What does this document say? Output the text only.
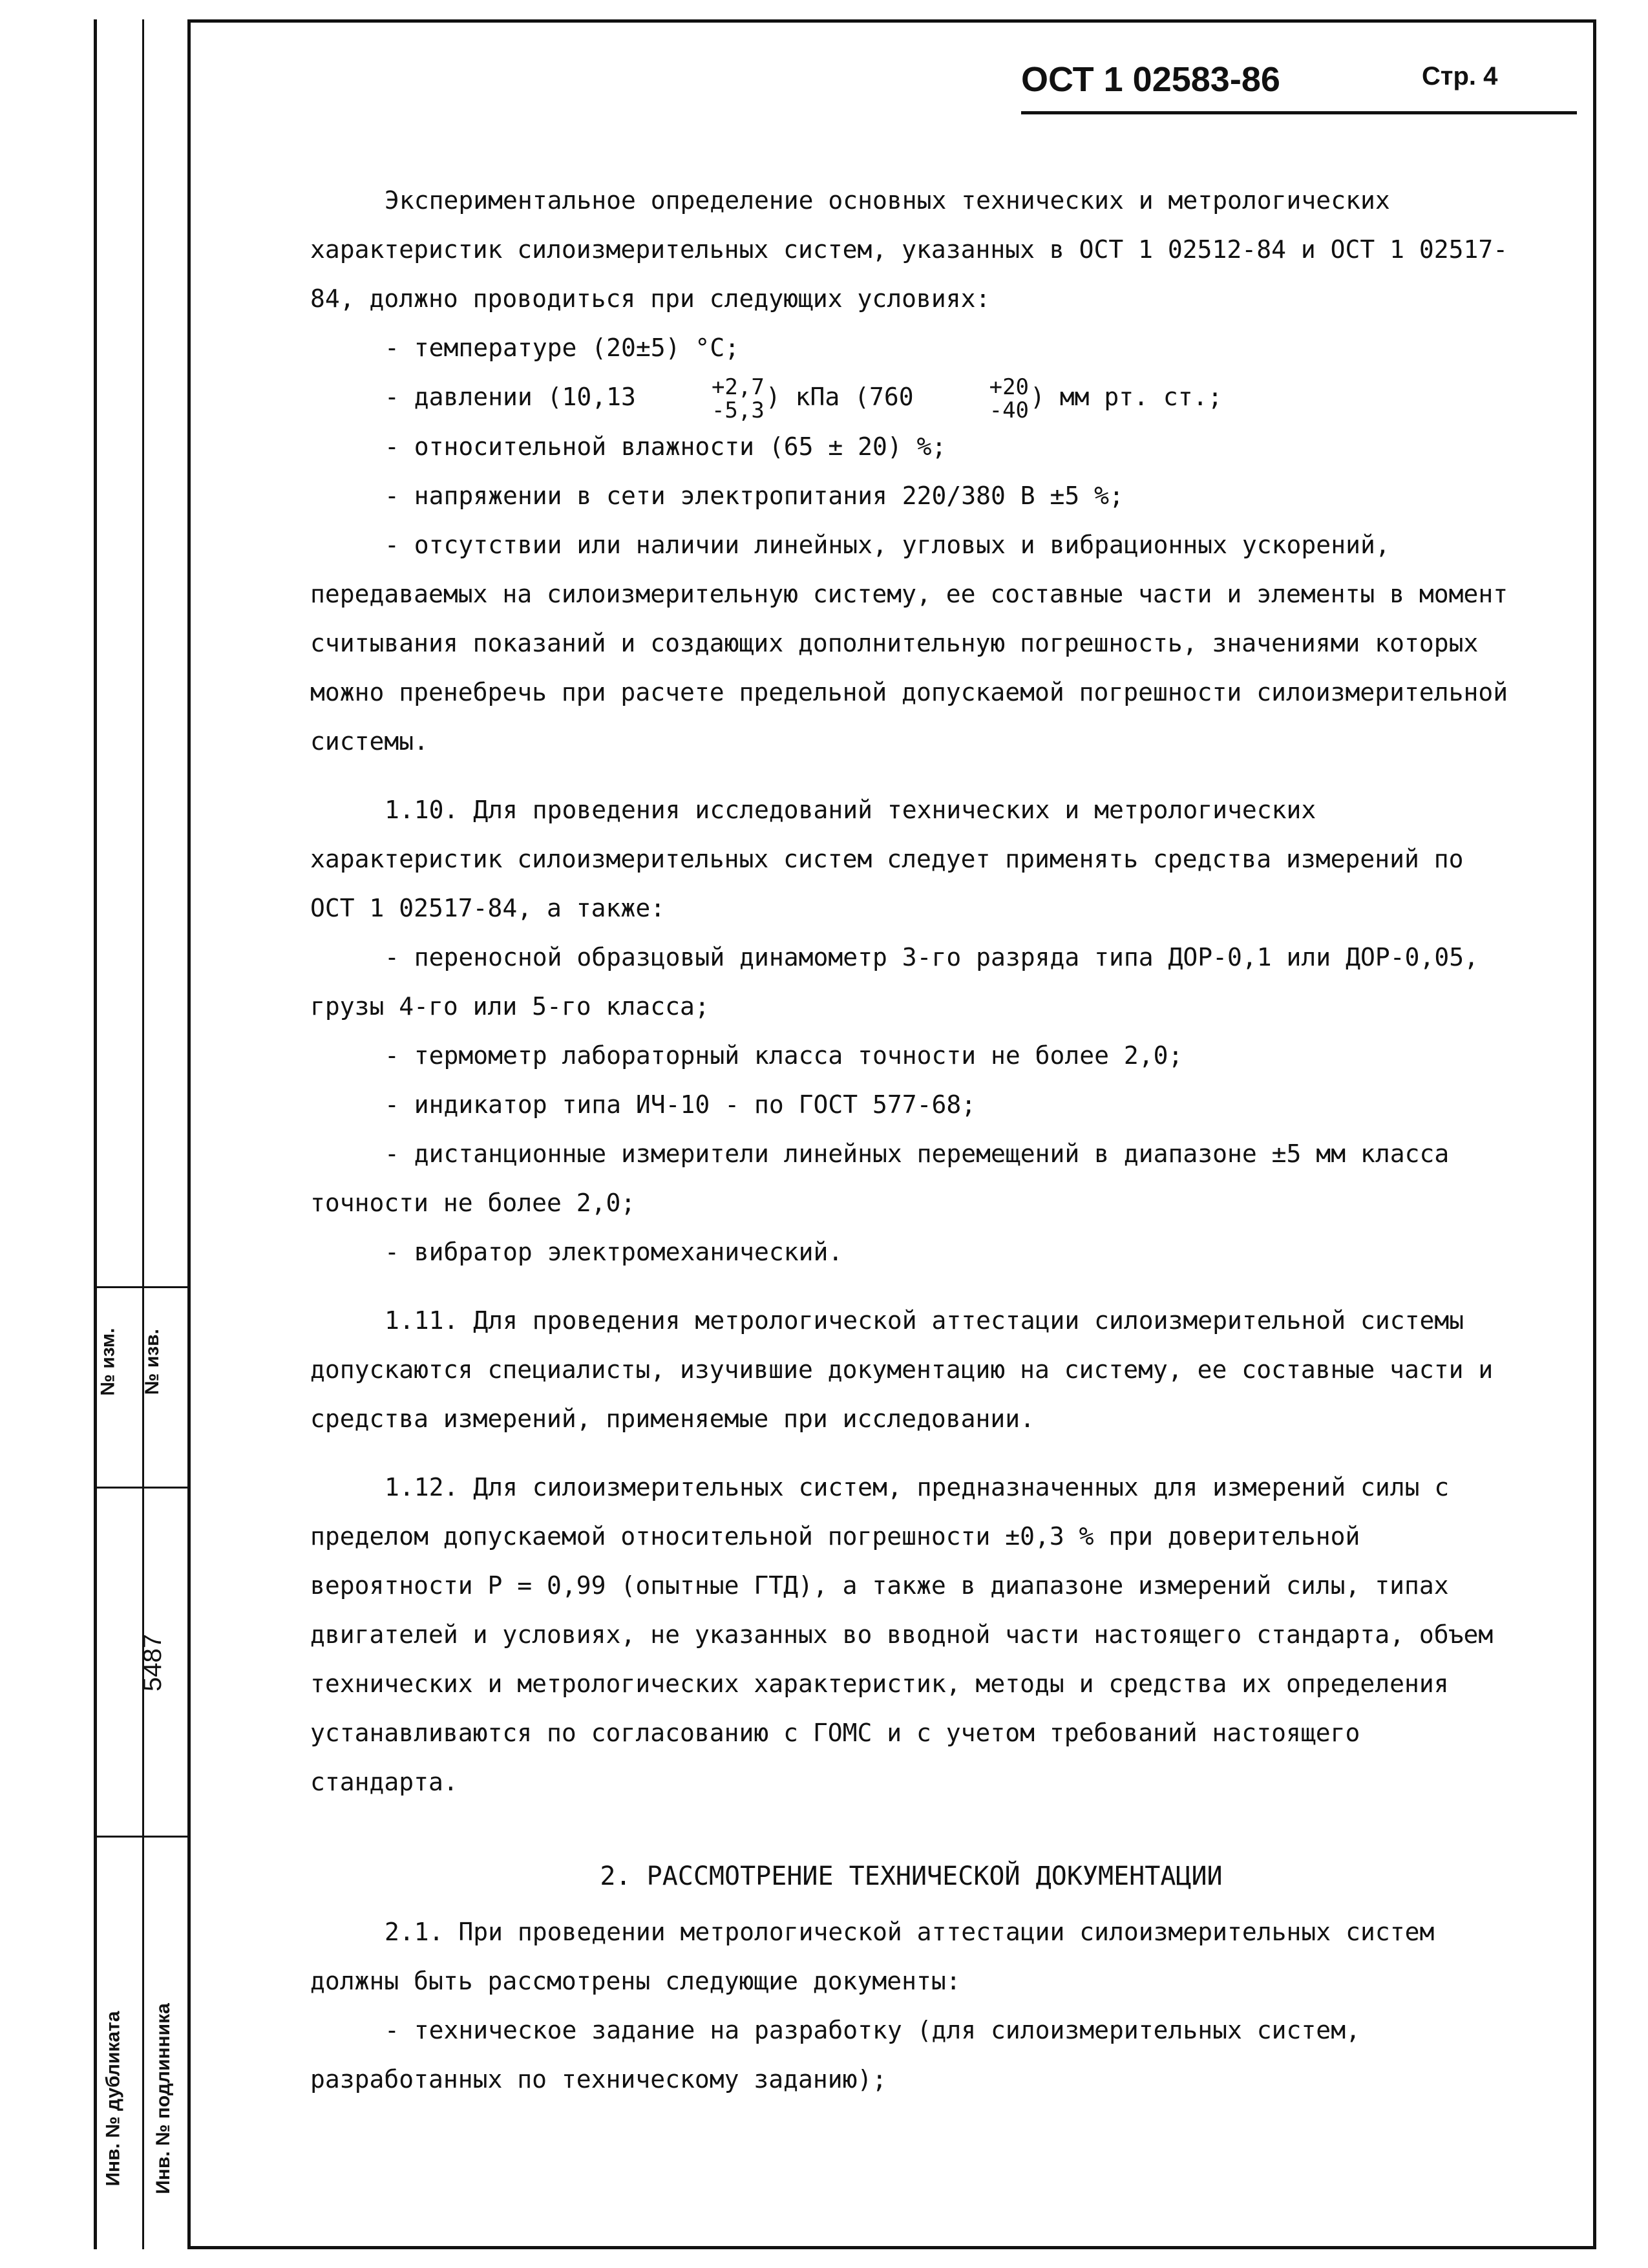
№ изм. № изв.
5487
Инв. № дубликата Инв. № подлинника
ОСТ 1 02583-86	Стр. 4

Экспериментальное определение основных технических и метрологических характеристик силоизмерительных систем, указанных в ОСТ 1 02512-84 и ОСТ 1 02517-84, должно проводиться при следующих условиях:

- температуре (20±5) °С;

- давлении (10,13	+2,7
-5,3 ) кПа (760	+20
-40 ) мм рт. ст.;

- относительной влажности (65 ± 20) %;

- напряжении в сети электропитания 220/380 В ±5 %;

- отсутствии или наличии линейных, угловых и вибрационных ускорений, передаваемых на силоизмерительную систему, ее составные части и элементы в момент считывания показаний и создающих дополнительную погрешность, значениями которых можно пренебречь при расчете предельной допускаемой погрешности силоизмерительной системы.

1.10. Для проведения исследований технических и метрологических характеристик силоизмерительных систем следует применять средства измерений по ОСТ 1 02517-84, а также:

- переносной образцовый динамометр 3-го разряда типа ДОР-0,1 или ДОР-0,05, грузы 4-го или 5-го класса;

- термометр лабораторный класса точности не более 2,0;

- индикатор типа ИЧ-10 - по ГОСТ 577-68;

- дистанционные измерители линейных перемещений в диапазоне ±5 мм класса точности не более 2,0;

- вибратор электромеханический.

1.11. Для проведения метрологической аттестации силоизмерительной системы допускаются специалисты, изучившие документацию на систему, ее составные части и средства измерений, применяемые при исследовании.

1.12. Для силоизмерительных систем, предназначенных для измерений силы с пределом допускаемой относительной погрешности ±0,3 % при доверительной вероятности Р = 0,99 (опытные ГТД), а также в диапазоне измерений силы, типах двигателей и условиях, не указанных во вводной части настоящего стандарта, объем технических и метрологических характеристик, методы и средства их определения устанавливаются по согласованию с ГОМС и с учетом требований настоящего стандарта.

2. РАССМОТРЕНИЕ ТЕХНИЧЕСКОЙ ДОКУМЕНТАЦИИ

2.1. При проведении метрологической аттестации силоизмерительных систем должны быть рассмотрены следующие документы:

- техническое задание на разработку (для силоизмерительных систем, разработанных по техническому заданию);
